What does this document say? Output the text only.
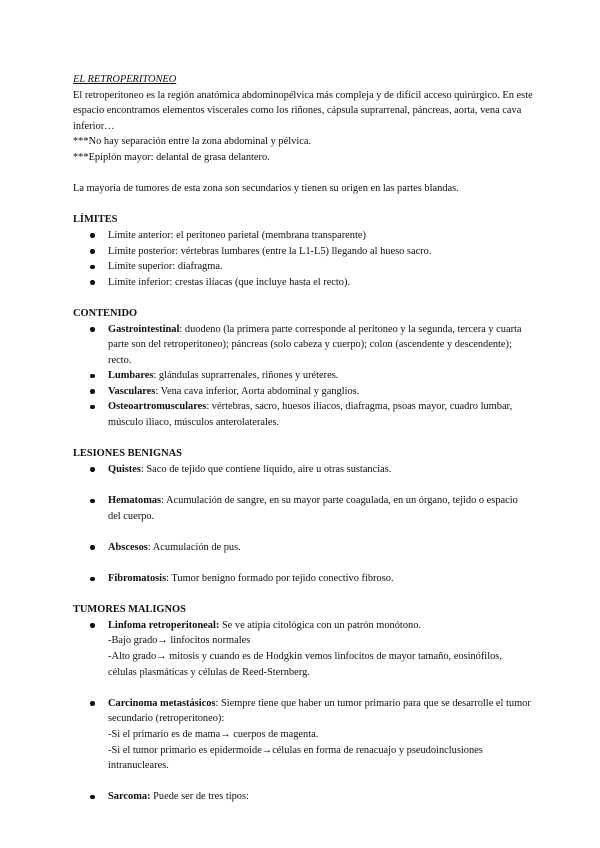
EL RETROPERITONEO

El retroperitoneo es la región anatómica abdominopélvica más compleja y de difícil acceso quirúrgico. En este espacio encontramos elementos viscerales como los riñones, cápsula suprarrenal, páncreas, aorta, vena cava inferior…

***No hay separación entre la zona abdominal y pélvica.

***Epiplón mayor: delantal de grasa delantero.

La mayoría de tumores de esta zona son secundarios y tienen su origen en las partes blandas.

LÍMITES

Límite anterior: el peritoneo parietal (membrana transparente)
Límite posterior: vértebras lumbares (entre la L1-L5) llegando al hueso sacro.
Límite superior: diafragma.
Límite inferior: crestas ilíacas (que incluye hasta el recto).

CONTENIDO

Gastrointestinal: duodeno (la primera parte corresponde al peritoneo y la segunda, tercera y cuarta parte son del retroperitoneo); páncreas (solo cabeza y cuerpo); colon (ascendente y descendente); recto.
Lumbares: glándulas suprarrenales, riñones y uréteres.
Vasculares: Vena cava inferior, Aorta abdominal y ganglios.
Osteoartromusculares: vértebras, sacro, huesos iliacos, diafragma, psoas mayor, cuadro lumbar, músculo iliaco, músculos anterolaterales.

LESIONES BENIGNAS

Quistes: Saco de tejido que contiene líquido, aire u otras sustancias.
Hematomas: Acumulación de sangre, en su mayor parte coagulada, en un órgano, tejido o espacio del cuerpo.
Abscesos: Acumulación de pus.
Fibromatosis: Tumor benigno formado por tejido conectivo fibroso.

TUMORES MALIGNOS

Linfoma retroperitoneal: Se ve atipia citológica con un patrón monótono.
-Bajo grado→ linfocitos normales
-Alto grado→ mitosis y cuando es de Hodgkin vemos linfocitos de mayor tamaño, eosinófilos, células plasmáticas y células de Reed-Sternberg.
Carcinoma metastásicos: Siempre tiene que haber un tumor primario para que se desarrolle el tumor secundario (retroperitoneo):
-Si el primario es de mama→ cuerpos de magenta.
-Si el tumor primario es epidermoide→células en forma de renacuajo y pseudoinclusiones intranucleares.
Sarcoma: Puede ser de tres tipos:
